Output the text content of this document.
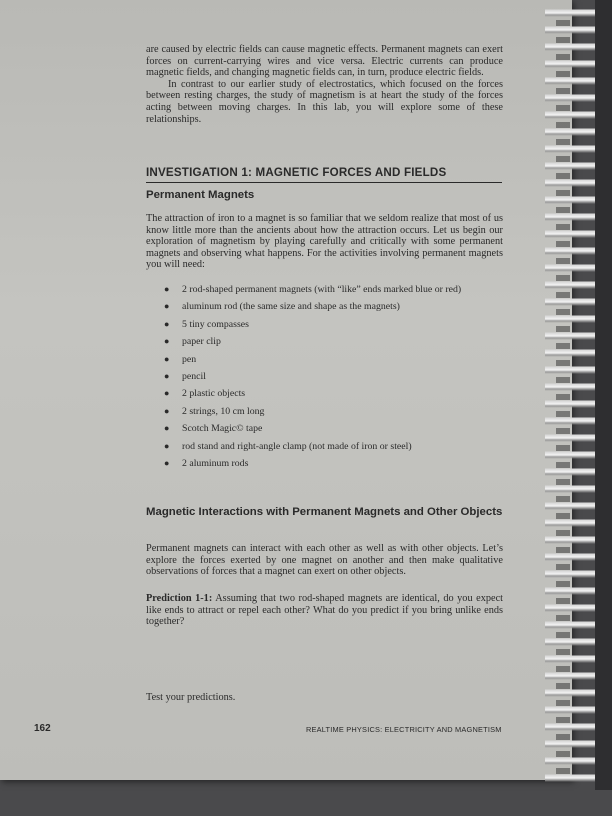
are caused by electric fields can cause magnetic effects. Permanent magnets can exert forces on current-carrying wires and vice versa. Electric currents can produce magnetic fields, and changing magnetic fields can, in turn, produce electric fields.

In contrast to our earlier study of electrostatics, which focused on the forces between resting charges, the study of magnetism is at heart the study of the forces acting between moving charges. In this lab, you will explore some of these relationships.

INVESTIGATION 1: MAGNETIC FORCES AND FIELDS
Permanent Magnets

The attraction of iron to a magnet is so familiar that we seldom realize that most of us know little more than the ancients about how the attraction occurs. Let us begin our exploration of magnetism by playing carefully and critically with some permanent magnets and observing what happens. For the activities involving permanent magnets you will need:

● 2 rod-shaped permanent magnets (with “like” ends marked blue or red)
● aluminum rod (the same size and shape as the magnets)
● 5 tiny compasses
● paper clip
● pen
● pencil
● 2 plastic objects
● 2 strings, 10 cm long
● Scotch Magic© tape
● rod stand and right-angle clamp (not made of iron or steel)
● 2 aluminum rods
Magnetic Interactions with Permanent Magnets and Other Objects

Permanent magnets can interact with each other as well as with other objects. Let’s explore the forces exerted by one magnet on another and then make qualitative observations of forces that a magnet can exert on other objects.

Prediction 1-1: Assuming that two rod-shaped magnets are identical, do you expect like ends to attract or repel each other? What do you predict if you bring unlike ends together?

Test your predictions.
162	REALTIME PHYSICS: ELECTRICITY AND MAGNETISM
